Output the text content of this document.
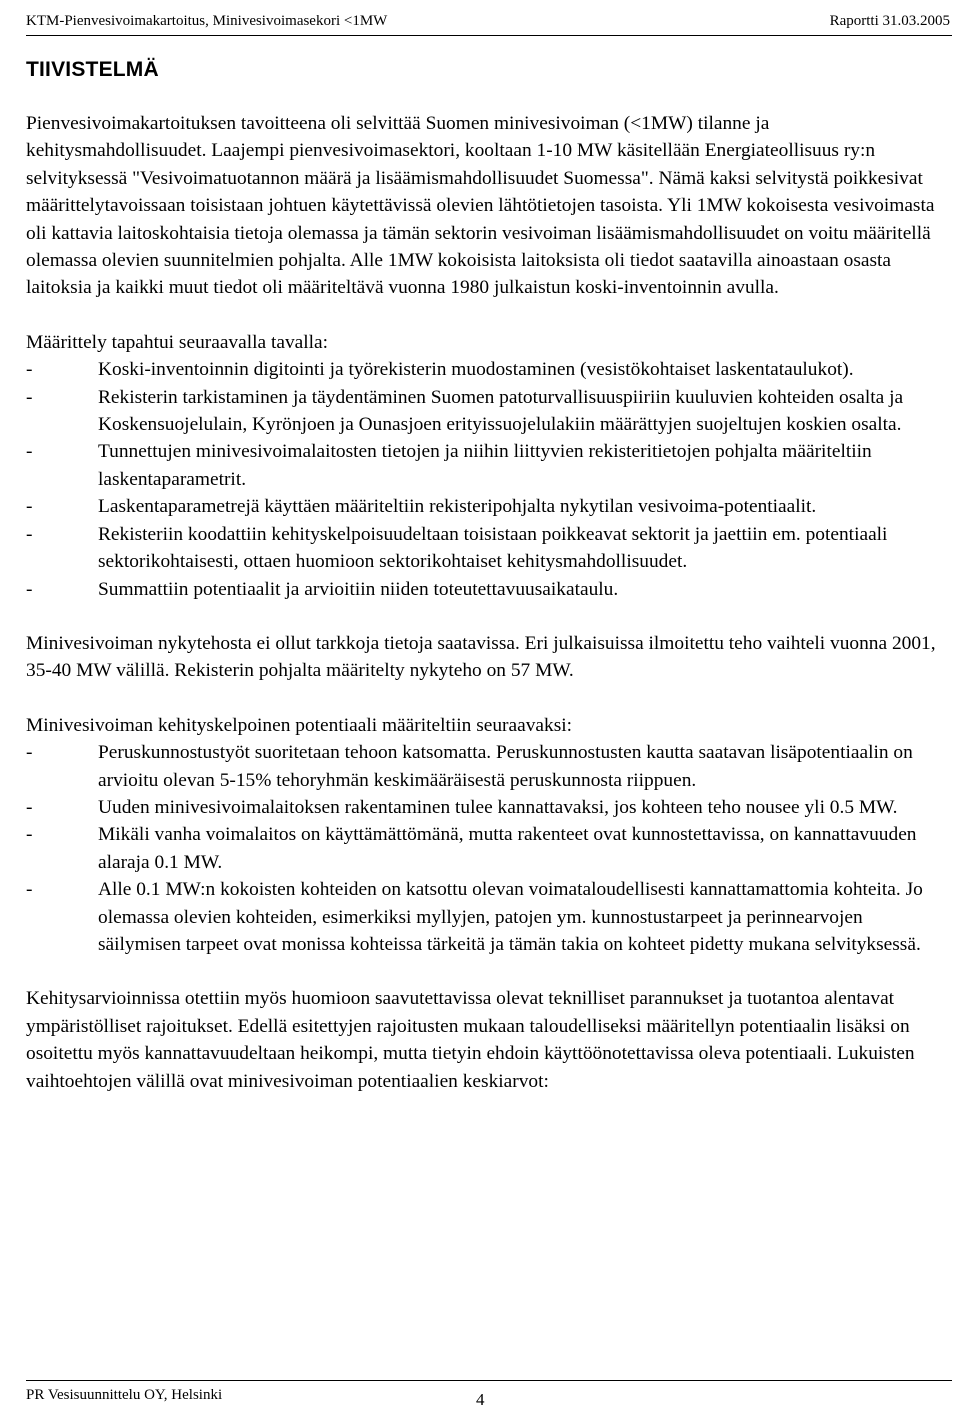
KTM-Pienvesivoimakartoitus, Minivesivoimasekori <1MW	Raportti 31.03.2005
TIIVISTELMÄ

Pienvesivoimakartoituksen tavoitteena oli selvittää Suomen minivesivoiman (<1MW) tilanne ja kehitysmahdollisuudet. Laajempi pienvesivoimasektori, kooltaan 1-10 MW käsitellään Energiateollisuus ry:n selvityksessä "Vesivoimatuotannon määrä ja lisäämismahdollisuudet Suomessa". Nämä kaksi selvitystä poikkesivat määrittelytavoissaan toisistaan johtuen käytettävissä olevien lähtötietojen tasoista. Yli 1MW kokoisesta vesivoimasta oli kattavia laitoskohtaisia tietoja olemassa ja tämän sektorin vesivoiman lisäämismahdollisuudet on voitu määritellä olemassa olevien suunnitelmien pohjalta. Alle 1MW kokoisista laitoksista oli tiedot saatavilla ainoastaan osasta laitoksia ja kaikki muut tiedot oli määriteltävä vuonna 1980 julkaistun koski-inventoinnin avulla.

Määrittely tapahtui seuraavalla tavalla:

-	Koski-inventoinnin digitointi ja työrekisterin muodostaminen (vesistökohtaiset laskentataulukot).
-	Rekisterin tarkistaminen ja täydentäminen Suomen patoturvallisuuspiiriin kuuluvien kohteiden osalta ja Koskensuojelulain, Kyrönjoen ja Ounasjoen erityissuojelulakiin määrättyjen suojeltujen koskien osalta.
-	Tunnettujen minivesivoimalaitosten tietojen ja niihin liittyvien rekisteritietojen pohjalta määriteltiin laskentaparametrit.
-	Laskentaparametrejä käyttäen määriteltiin rekisteripohjalta nykytilan vesivoima-potentiaalit.
-	Rekisteriin koodattiin kehityskelpoisuudeltaan toisistaan poikkeavat sektorit ja jaettiin em. potentiaali sektorikohtaisesti, ottaen huomioon sektorikohtaiset kehitysmahdollisuudet.
-	Summattiin potentiaalit ja arvioitiin niiden toteutettavuusaikataulu.

Minivesivoiman nykytehosta ei ollut tarkkoja tietoja saatavissa. Eri julkaisuissa ilmoitettu teho vaihteli vuonna 2001, 35-40 MW välillä. Rekisterin pohjalta määritelty nykyteho on 57 MW.

Minivesivoiman kehityskelpoinen potentiaali määriteltiin seuraavaksi:

-	Peruskunnostustyöt suoritetaan tehoon katsomatta. Peruskunnostusten kautta saatavan lisäpotentiaalin on arvioitu olevan 5-15% tehoryhmän keskimääräisestä peruskunnosta riippuen.
-	Uuden minivesivoimalaitoksen rakentaminen tulee kannattavaksi, jos kohteen teho nousee yli 0.5 MW.
-	Mikäli vanha voimalaitos on käyttämättömänä, mutta rakenteet ovat kunnostettavissa, on kannattavuuden alaraja 0.1 MW.
-	Alle 0.1 MW:n kokoisten kohteiden on katsottu olevan voimataloudellisesti kannattamattomia kohteita. Jo olemassa olevien kohteiden, esimerkiksi myllyjen, patojen ym. kunnostustarpeet ja perinnearvojen säilymisen tarpeet ovat monissa kohteissa tärkeitä ja tämän takia on kohteet pidetty mukana selvityksessä.

Kehitysarvioinnissa otettiin myös huomioon saavutettavissa olevat teknilliset parannukset ja tuotantoa alentavat ympäristölliset rajoitukset. Edellä esitettyjen rajoitusten mukaan taloudelliseksi määritellyn potentiaalin lisäksi on osoitettu myös kannattavuudeltaan heikompi, mutta tietyin ehdoin käyttöönotettavissa oleva potentiaali. Lukuisten vaihtoehtojen välillä ovat minivesivoiman potentiaalien keskiarvot:

PR Vesisuunnittelu OY, Helsinki	4
